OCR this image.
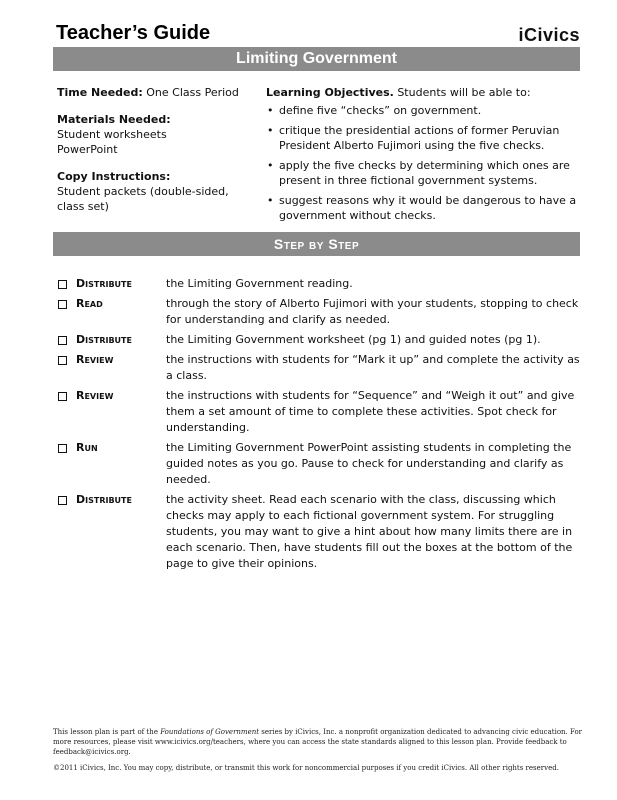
Teacher’s Guide	iCivics
Limiting Government
Time Needed: One Class Period
Materials Needed:
Student worksheets
PowerPoint
Copy Instructions:
Student packets (double-sided, class set)
Learning Objectives. Students will be able to:
• define five “checks” on government.
• critique the presidential actions of former Peruvian President Alberto Fujimori using the five checks.
• apply the five checks by determining which ones are present in three fictional government systems.
• suggest reasons why it would be dangerous to have a government without checks.
Step by Step
Distribute	the Limiting Government reading.
Read	through the story of Alberto Fujimori with your students, stopping to check for understanding and clarify as needed.
Distribute	the Limiting Government worksheet (pg 1) and guided notes (pg 1).
Review	the instructions with students for “Mark it up” and complete the activity as a class.
Review	the instructions with students for “Sequence” and “Weigh it out” and give them a set amount of time to complete these activities. Spot check for understanding.
Run	the Limiting Government PowerPoint assisting students in completing the guided notes as you go. Pause to check for understanding and clarify as needed.
Distribute	the activity sheet. Read each scenario with the class, discussing which checks may apply to each fictional government system. For struggling students, you may want to give a hint about how many limits there are in each scenario. Then, have students fill out the boxes at the bottom of the page to give their opinions.

This lesson plan is part of the Foundations of Government series by iCivics, Inc. a nonprofit organization dedicated to advancing civic education. For more resources, please visit www.icivics.org/teachers, where you can access the state standards aligned to this lesson plan. Provide feedback to feedback@icivics.org.

©2011 iCivics, Inc. You may copy, distribute, or transmit this work for noncommercial purposes if you credit iCivics. All other rights reserved.
